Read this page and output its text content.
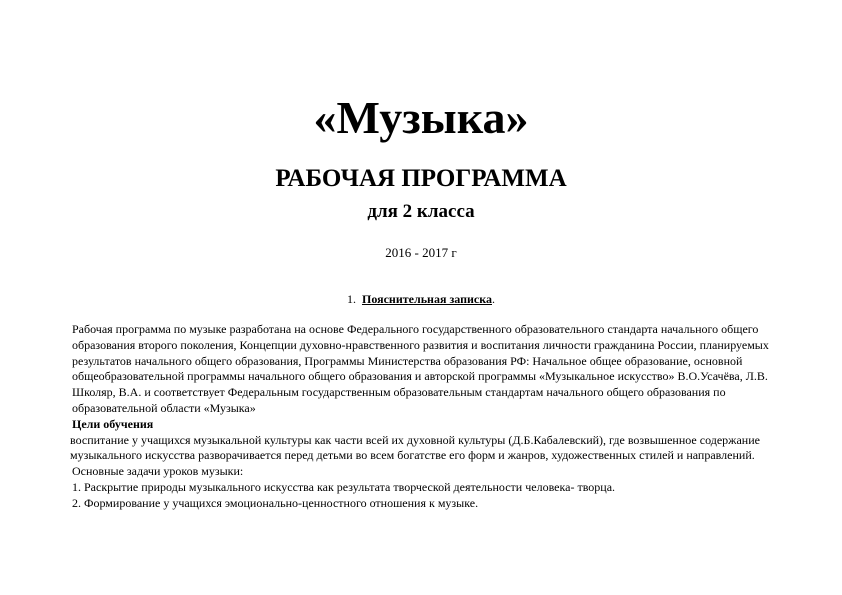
«Музыка»
РАБОЧАЯ ПРОГРАММА
для 2 класса
2016 - 2017 г
1. Пояснительная записка.

Рабочая программа по музыке разработана на основе Федерального государственного образовательного стандарта начального общего образования второго поколения, Концепции духовно-нравственного развития и воспитания личности гражданина России, планируемых результатов начального общего образования, Программы Министерства образования РФ: Начальное общее образование, основной общеобразовательной программы начального общего образования и авторской программы «Музыкальное искусство» В.О.Усачёва, Л.В. Школяр, В.А. и соответствует Федеральным государственным образовательным стандартам начального общего образования по образовательной области «Музыка»

Цели обучения

воспитание у учащихся музыкальной культуры как части всей их духовной культуры (Д.Б.Кабалевский), где возвышенное содержание музыкального искусства разворачивается перед детьми во всем богатстве его форм и жанров, художественных стилей и направлений.

Основные задачи уроков музыки:

1. Раскрытие природы музыкального искусства как результата творческой деятельности человека- творца.

2. Формирование у учащихся эмоционально-ценностного отношения к музыке.
